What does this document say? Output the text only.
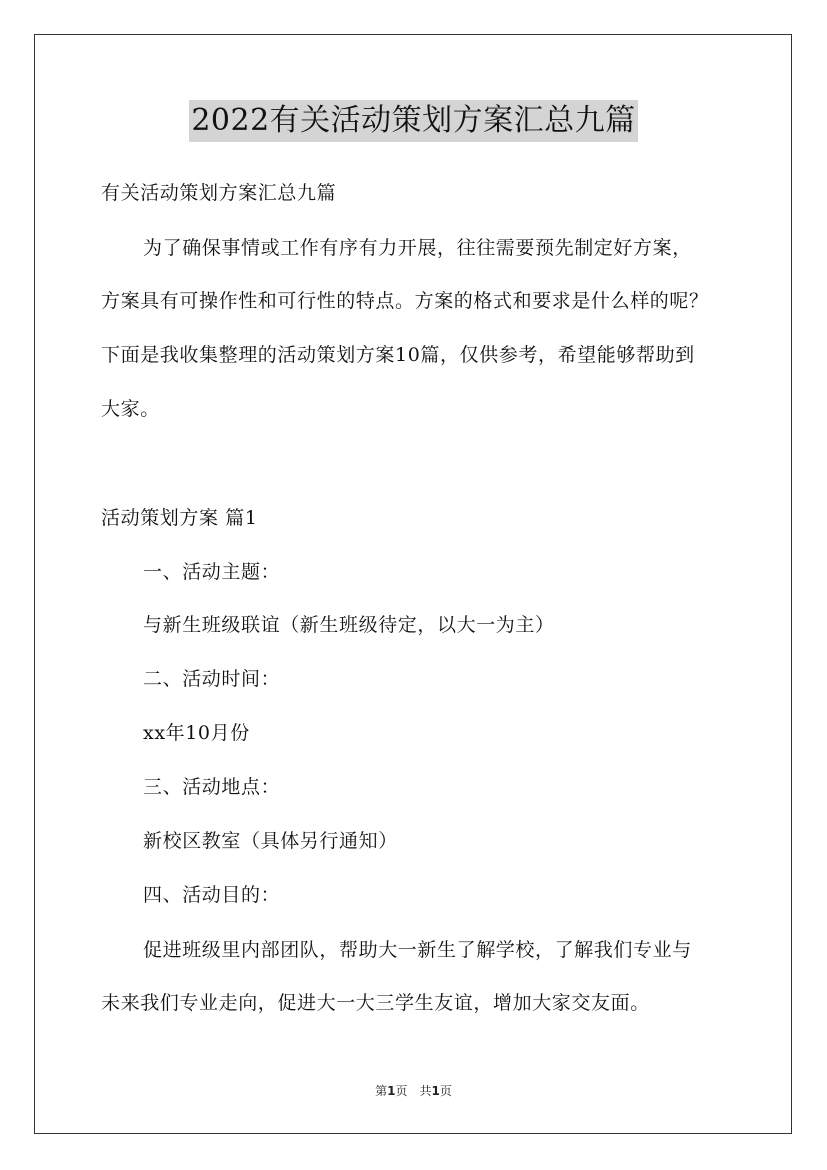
2022有关活动策划方案汇总九篇
有关活动策划方案汇总九篇
为了确保事情或工作有序有力开展，往往需要预先制定好方案，
方案具有可操作性和可行性的特点。方案的格式和要求是什么样的呢？
下面是我收集整理的活动策划方案10篇，仅供参考，希望能够帮助到
大家。
活动策划方案 篇1
一、活动主题：
与新生班级联谊（新生班级待定，以大一为主）
二、活动时间：
xx年10月份
三、活动地点：
新校区教室（具体另行通知）
四、活动目的：
促进班级里内部团队，帮助大一新生了解学校，了解我们专业与
未来我们专业走向，促进大一大三学生友谊，增加大家交友面。
第1页 共1页
